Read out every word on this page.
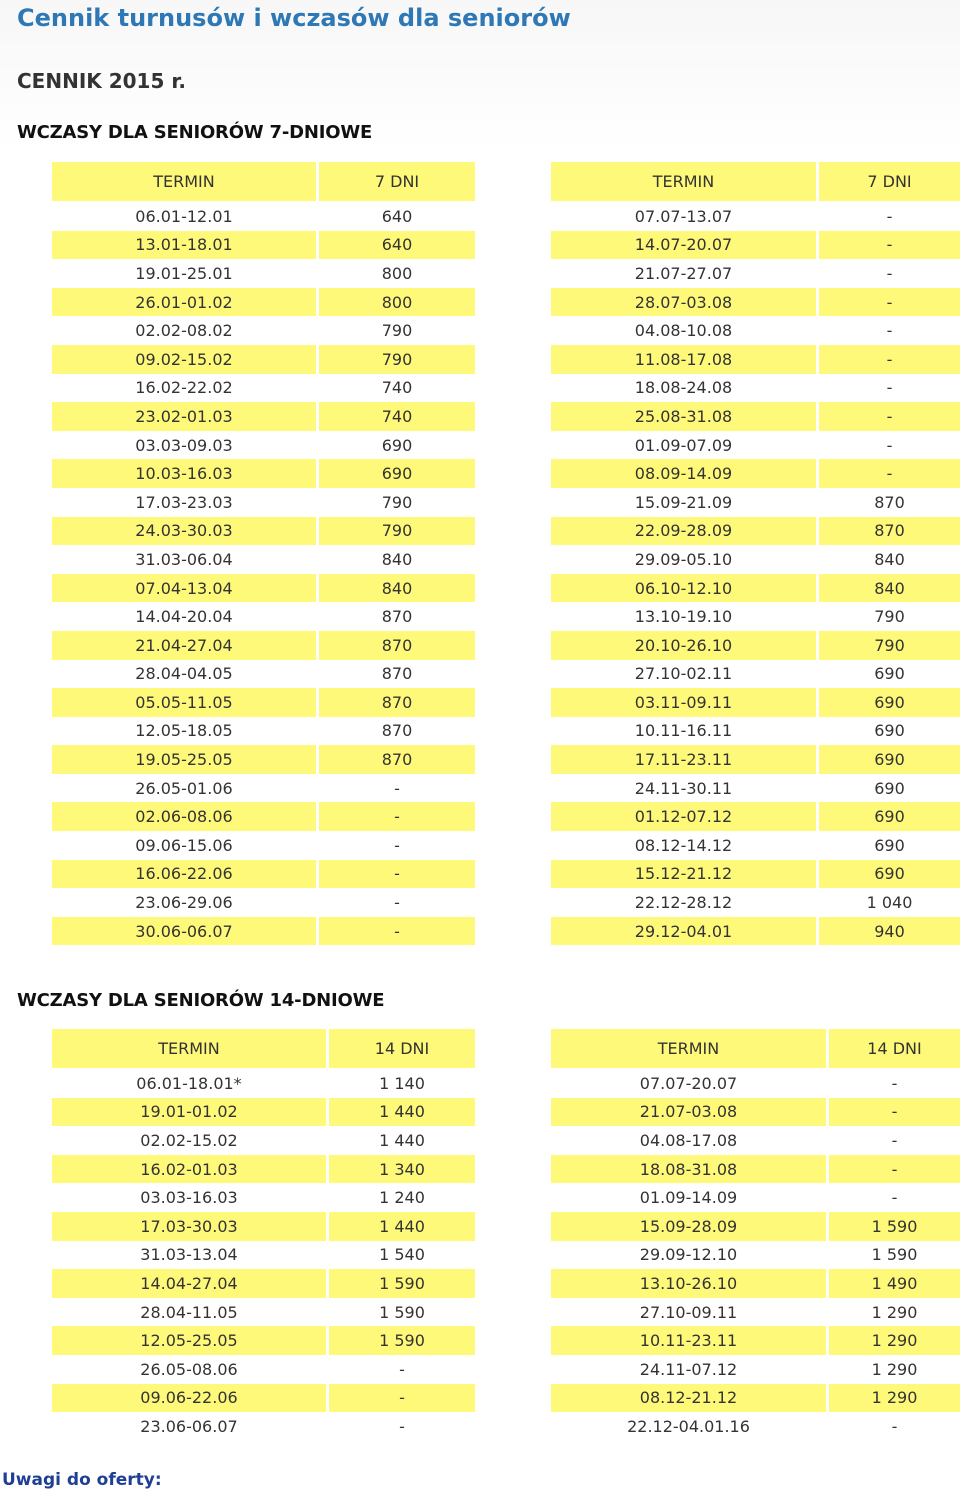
Cennik turnusów i wczasów dla seniorów
CENNIK 2015 r.
WCZASY DLA SENIORÓW 7-DNIOWE
TERMIN	7 DNI
06.01-12.01	640
13.01-18.01	640
19.01-25.01	800
26.01-01.02	800
02.02-08.02	790
09.02-15.02	790
16.02-22.02	740
23.02-01.03	740
03.03-09.03	690
10.03-16.03	690
17.03-23.03	790
24.03-30.03	790
31.03-06.04	840
07.04-13.04	840
14.04-20.04	870
21.04-27.04	870
28.04-04.05	870
05.05-11.05	870
12.05-18.05	870
19.05-25.05	870
26.05-01.06	-
02.06-08.06	-
09.06-15.06	-
16.06-22.06	-
23.06-29.06	-
30.06-06.07	-
TERMIN	7 DNI
07.07-13.07	-
14.07-20.07	-
21.07-27.07	-
28.07-03.08	-
04.08-10.08	-
11.08-17.08	-
18.08-24.08	-
25.08-31.08	-
01.09-07.09	-
08.09-14.09	-
15.09-21.09	870
22.09-28.09	870
29.09-05.10	840
06.10-12.10	840
13.10-19.10	790
20.10-26.10	790
27.10-02.11	690
03.11-09.11	690
10.11-16.11	690
17.11-23.11	690
24.11-30.11	690
01.12-07.12	690
08.12-14.12	690
15.12-21.12	690
22.12-28.12	1 040
29.12-04.01	940
WCZASY DLA SENIORÓW 14-DNIOWE
TERMIN	14 DNI
06.01-18.01*	1 140
19.01-01.02	1 440
02.02-15.02	1 440
16.02-01.03	1 340
03.03-16.03	1 240
17.03-30.03	1 440
31.03-13.04	1 540
14.04-27.04	1 590
28.04-11.05	1 590
12.05-25.05	1 590
26.05-08.06	-
09.06-22.06	-
23.06-06.07	-
TERMIN	14 DNI
07.07-20.07	-
21.07-03.08	-
04.08-17.08	-
18.08-31.08	-
01.09-14.09	-
15.09-28.09	1 590
29.09-12.10	1 590
13.10-26.10	1 490
27.10-09.11	1 290
10.11-23.11	1 290
24.11-07.12	1 290
08.12-21.12	1 290
22.12-04.01.16	-
Uwagi do oferty:
